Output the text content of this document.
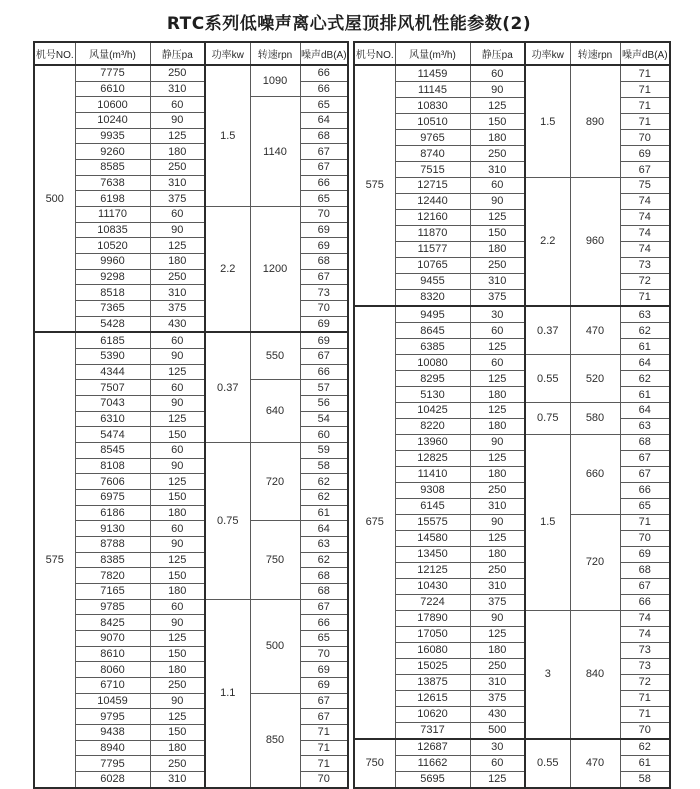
RTC系列低噪声离心式屋顶排风机性能参数(2)
机号NO.	风量(m³/h)	静压pa	功率kw	转速rpn	噪声dB(A)
500	7775	250	1.5	1090	66
	6610	310			66
	10600	60		1140	65
	10240	90			64
	9935	125			68
	9260	180			67
	8585	250			67
	7638	310			66
	6198	375			65
	11170	60	2.2	1200	70
	10835	90			69
	10520	125			69
	9960	180			68
	9298	250			67
	8518	310			73
	7365	375			70
	5428	430			69
575	6185	60	0.37	550	69
	5390	90			67
	4344	125			66
	7507	60		640	57
	7043	90			56
	6310	125			54
	5474	150			60
	8545	60	0.75	720	59
	8108	90			58
	7606	125			62
	6975	150			62
	6186	180			61
	9130	60		750	64
	8788	90			63
	8385	125			62
	7820	150			68
	7165	180			68
	9785	60	1.1	500	67
	8425	90			66
	9070	125			65
	8610	150			70
	8060	180			69
	6710	250			69
	10459	90		850	67
	9795	125			67
	9438	150			71
	8940	180			71
	7795	250			71
	6028	310			70
机号NO.	风量(m³/h)	静压pa	功率kw	转速rpn	噪声dB(A)
575	11459	60	1.5	890	71
	11145	90			71
	10830	125			71
	10510	150			71
	9765	180			70
	8740	250			69
	7515	310			67
	12715	60	2.2	960	75
	12440	90			74
	12160	125			74
	11870	150			74
	11577	180			74
	10765	250			73
	9455	310			72
	8320	375			71
675	9495	30	0.37	470	63
	8645	60			62
	6385	125			61
	10080	60	0.55	520	64
	8295	125			62
	5130	180			61
	10425	125	0.75	580	64
	8220	180			63
	13960	90	1.5	660	68
	12825	125			67
	11410	180			67
	9308	250			66
	6145	310			65
	15575	90		720	71
	14580	125			70
	13450	180			69
	12125	250			68
	10430	310			67
	7224	375			66
	17890	90	3	840	74
	17050	125			74
	16080	180			73
	15025	250			73
	13875	310			72
	12615	375			71
	10620	430			71
	7317	500			70
750	12687	30	0.55	470	62
	11662	60			61
	5695	125			58
